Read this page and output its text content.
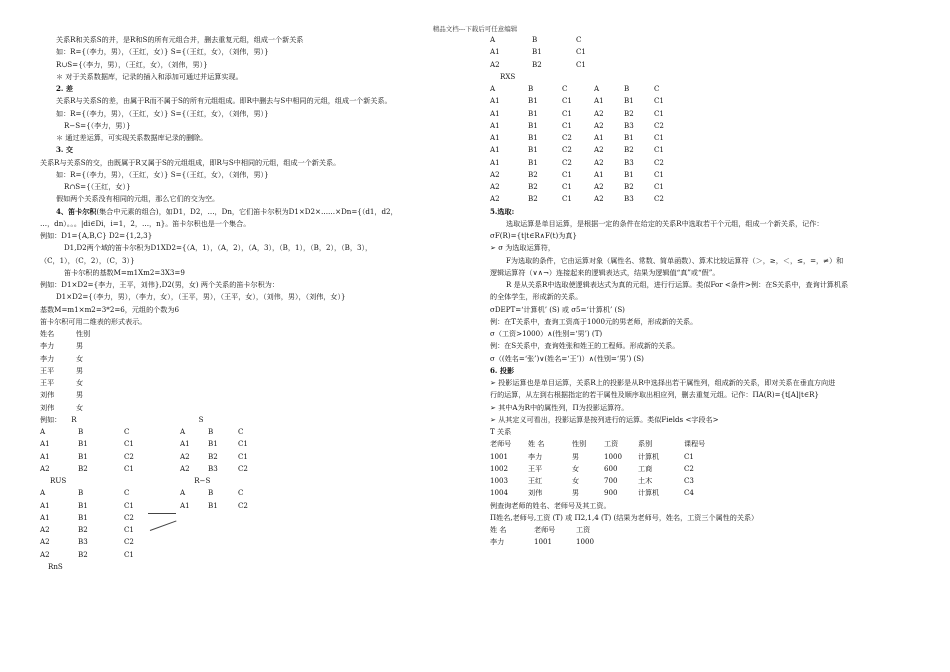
精品文档---下载后可任意编辑
关系R和关系S的并，是R和S的所有元组合并，删去重复元组，组成一个新关系
如：R={（李力，男），（王红，女）} S={（王红，女），（刘伟，男）}
R∪S={（李力，男），（王红，女），（刘伟，男）}
＊ 对于关系数据库，记录的插入和添加可通过并运算实现。
2. 差
关系R与关系S的差，由属于R而不属于S的所有元组组成。即R中删去与S中相同的元组，组成一个新关系。
如：R={（李力，男），（王红，女）} S={（王红，女），（刘伟，男）}
R−S={（李力，男）}
＊ 通过差运算，可实现关系数据库记录的删除。
3. 交
关系R与关系S的交，由既属于R又属于S的元组组成，即R与S中相同的元组，组成一个新关系。
如：R={（李力，男），（王红，女）} S={（王红，女），（刘伟，男）}
R∩S={（王红，女）}
假如两个关系没有相同的元组，那么它们的交为空。
4、笛卡尔积(集合中元素的组合)，如D1，D2，…，Dn，它们笛卡尔积为D1×D2×……×Dn={（d1，d2，
…，dn）。。。|di∈Di，i=1，2，…，n}。笛卡尔积也是一个集合。
例如：D1={A,B,C} D2={1,2,3}
D1,D2两个域的笛卡尔积为D1XD2={（A，1），（A，2），（A，3），（B，1），（B，2），（B，3），
（C，1），（C，2），（C，3）}
笛卡尔积的基数M=m1Xm2=3X3=9
例如：D1×D2={李力，王平，刘伟},D2(男，女) 两个关系的笛卡尔积为：
D1×D2={（李力，男），（李力，女），（王平，男），（王平，女），（刘伟，男），（刘伟，女）}
基数M=m1×m2=3*2=6，元组的个数为6
笛卡尔积可用二维表的形式表示。
姓名	性别
李力	男
李力	女
王平	男
王平	女
刘伟	男
刘伟	女
例如： R	S
A	B	C
A1	B1	C1
A1	B1	C2
A2	B2	C1
A	B	C
A1	B1	C1
A2	B2	C1
A2	B3	C2
RUS	R−S
A	B	C
A1	B1	C1
A1	B1	C2
A2	B2	C1
A2	B3	C2
A2	B2	C1
A	B	C
A1	B1	C2
RnS
A	B	C
A1	B1	C1
A2	B2	C1
RXS
A	B	C	A	B	C
A1	B1	C1	A1	B1	C1
A1	B1	C1	A2	B2	C1
A1	B1	C1	A2	B3	C2
A1	B1	C2	A1	B1	C1
A1	B1	C2	A2	B2	C1
A1	B1	C2	A2	B3	C2
A2	B2	C1	A1	B1	C1
A2	B2	C1	A2	B2	C1
A2	B2	C1	A2	B3	C2
5.选取:
选取运算是单目运算，是根据一定的条件在给定的关系R中选取若干个元组，组成一个新关系，记作：
σF(R)={t|t∈R∧F(t)为真}
➢ σ 为选取运算符，
F为选取的条件，它由运算对象（属性名、常数、简单函数）、算术比较运算符（＞，≥，＜，≤，=，≠）和
逻辑运算符（∨∧¬）连接起来的逻辑表达式，结果为逻辑值“真”或“假”。
R 是从关系R中选取使逻辑表达式为真的元组，进行行运算。类似For <条件>例：在S关系中，查询计算机系
的全体学生，形成新的关系。
σDEPT=‘计算机’ (S) 或 σ5=‘计算机’ (S)
例：在T关系中，查询工资高于1000元的男老师，形成新的关系。
σ（工资>1000）∧(性别=‘男’) (T)
例：在S关系中，查询姓张和姓王的工程师。形成新的关系。
σ（(姓名=‘张’)∨(姓名=‘王’)）∧(性别=‘男’) (S)
6. 投影
➢ 投影运算也是单目运算，关系R上的投影是从R中选择出若干属性列，组成新的关系，即对关系在垂直方向进
行的运算，从左到右根据指定的若干属性及顺序取出相应列，删去重复元组。记作：ΠA(R)={t[A]|t∈R}
➢ 其中A为R中的属性列，Π为投影运算符。
➢ 从其定义可看出，投影运算是按列进行的运算。类似Fields <字段名>
T 关系
老师号	姓 名	性别	工资	系别	课程号
1001	李力	男	1000	计算机	C1
1002	王平	女	600	工商	C2
1003	王红	女	700	土木	C3
1004	刘伟	男	900	计算机	C4
例查询老师的姓名、老师号及其工资。
Π姓名,老师号,工资 (T) 或 Π2,1,4 (T) (结果为老师号，姓名，工资三个属性的关系）
姓 名	老师号	工资
李力	1001	1000
